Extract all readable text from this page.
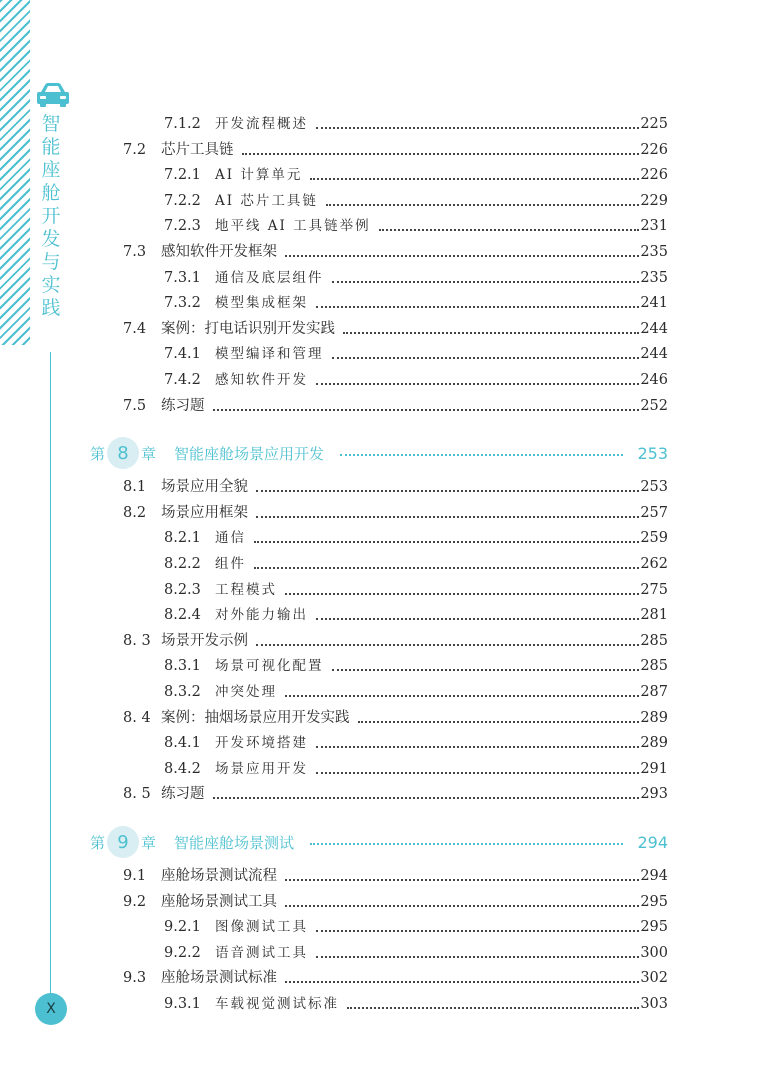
智能座舱开发与实践
X
7.1.2	开发流程概述	225
7.2	芯片工具链	226
7.2.1	AI 计算单元	226
7.2.2	AI 芯片工具链	229
7.2.3	地平线 AI 工具链举例	231
7.3	感知软件开发框架	235
7.3.1	通信及底层组件	235
7.3.2	模型集成框架	241
7.4	案例：打电话识别开发实践	244
7.4.1	模型编译和管理	244
7.4.2	感知软件开发	246
7.5	练习题	252
第 8 章 智能座舱场景应用开发	253
8.1	场景应用全貌	253
8.2	场景应用框架	257
8.2.1	通信	259
8.2.2	组件	262
8.2.3	工程模式	275
8.2.4	对外能力输出	281
8. 3 场景开发示例	285
8.3.1	场景可视化配置	285
8.3.2	冲突处理	287
8. 4 案例：抽烟场景应用开发实践	289
8.4.1	开发环境搭建	289
8.4.2	场景应用开发	291
8. 5 练习题	293
第 9 章 智能座舱场景测试	294
9.1	座舱场景测试流程	294
9.2	座舱场景测试工具	295
9.2.1	图像测试工具	295
9.2.2	语音测试工具	300
9.3	座舱场景测试标准	302
9.3.1	车载视觉测试标准	303
